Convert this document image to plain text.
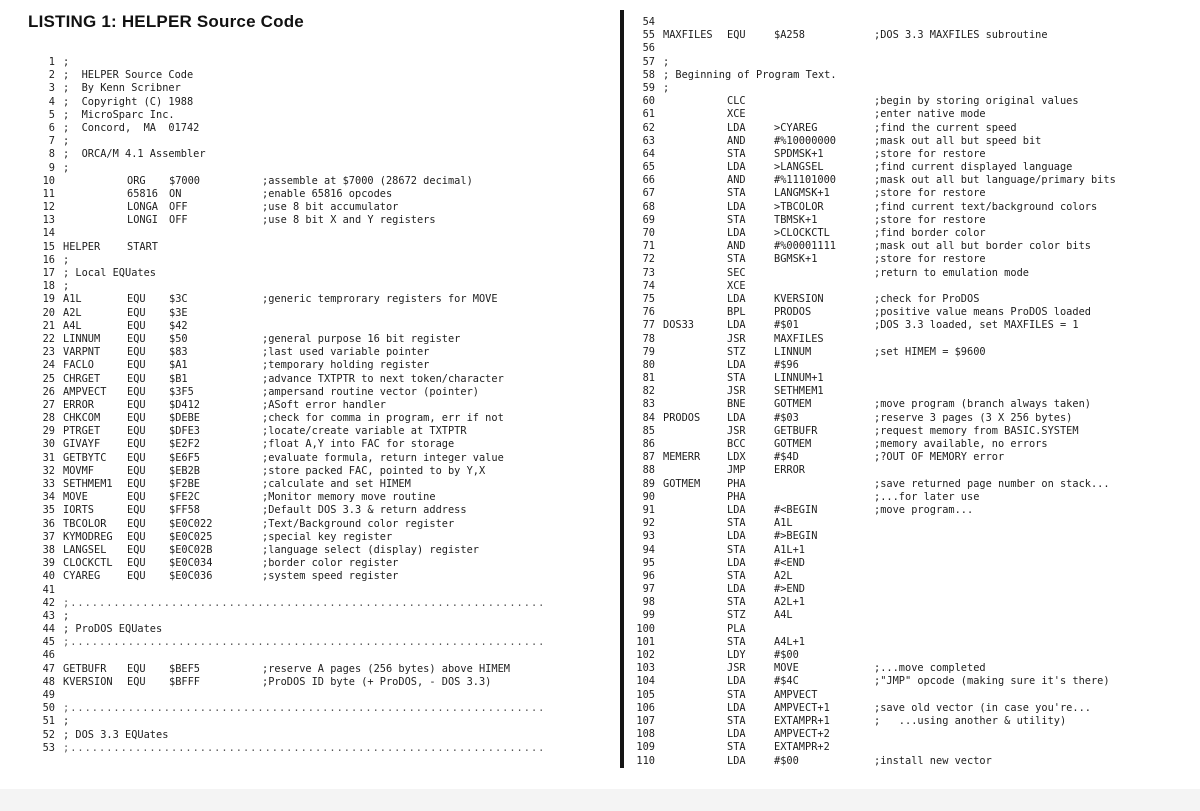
LISTING 1: HELPER Source Code
1 ;
2 ;  HELPER Source Code
3 ;  By Kenn Scribner
4 ;  Copyright (C) 1988
5 ;  MicroSparc Inc.
6 ;  Concord,  MA  01742
7 ;
8 ;  ORCA/M 4.1 Assembler
9 ;
10	ORG $7000	;assemble at $7000 (28672 decimal)
11	65816 ON	;enable 65816 opcodes
12	LONGA OFF	;use 8 bit accumulator
13	LONGI OFF	;use 8 bit X and Y registers
14
15 HELPER	START
16 ;
17 ; Local EQUates
18 ;
19 A1L	EQU $3C	;generic temprorary registers for MOVE
20 A2L	EQU $3E
21 A4L	EQU $42
22 LINNUM	EQU $50	;general purpose 16 bit register
23 VARPNT	EQU $83	;last used variable pointer
24 FACLO	EQU $A1	;temporary holding register
25 CHRGET	EQU $B1	;advance TXTPTR to next token/character
26 AMPVECT EQU $3F5	;ampersand routine vector (pointer)
27 ERROR	EQU $D412	;ASoft error handler
28 CHKCOM	EQU $DEBE	;check for comma in program, err if not
29 PTRGET	EQU $DFE3	;locate/create variable at TXTPTR
30 GIVAYF	EQU $E2F2	;float A,Y into FAC for storage
31 GETBYTC EQU $E6F5	;evaluate formula, return integer value
32 MOVMF	EQU $EB2B	;store packed FAC, pointed to by Y,X
33 SETHMEM1 EQU $F2BE	;calculate and set HIMEM
34 MOVE	EQU $FE2C	;Monitor memory move routine
35 IORTS	EQU $FF58	;Default DOS 3.3 & return address
36 TBCOLOR EQU $E0C022	;Text/Background color register
37 KYMODREG EQU $E0C025	;special key register
38 LANGSEL EQU $E0C02B	;language select (display) register
39 CLOCKCTL EQU $E0C034	;border color register
40 CYAREG	EQU $E0C036	;system speed register
41
42 ;..................................................................
43 ;
44 ; ProDOS EQUates
45 ;..................................................................
46
47 GETBUFR EQU $BEF5	;reserve A pages (256 bytes) above HIMEM
48 KVERSION EQU $BFFF	;ProDOS ID byte (+ ProDOS, - DOS 3.3)
49
50 ;..................................................................
51 ;
52 ; DOS 3.3 EQUates
53 ;..................................................................
54
55 MAXFILES EQU	$A258	;DOS 3.3 MAXFILES subroutine
56
57 ;
58 ; Beginning of Program Text.
59 ;
60	CLC	;begin by storing original values
61	XCE	;enter native mode
62	LDA	>CYAREG	;find the current speed
63	AND	#%10000000	;mask out all but speed bit
64	STA	SPDMSK+1	;store for restore
65	LDA	>LANGSEL	;find current displayed language
66	AND	#%11101000	;mask out all but language/primary bits
67	STA	LANGMSK+1	;store for restore
68	LDA	>TBCOLOR	;find current text/background colors
69	STA	TBMSK+1	;store for restore
70	LDA	>CLOCKCTL	;find border color
71	AND	#%00001111	;mask out all but border color bits
72	STA	BGMSK+1	;store for restore
73	SEC	;return to emulation mode
74	XCE
75	LDA	KVERSION	;check for ProDOS
76	BPL	PRODOS	;positive value means ProDOS loaded
77 DOS33	LDA	#$01	;DOS 3.3 loaded, set MAXFILES = 1
78	JSR	MAXFILES
79	STZ	LINNUM	;set HIMEM = $9600
80	LDA	#$96
81	STA	LINNUM+1
82	JSR	SETHMEM1
83	BNE	GOTMEM	;move program (branch always taken)
84 PRODOS	LDA	#$03	;reserve 3 pages (3 X 256 bytes)
85	JSR	GETBUFR	;request memory from BASIC.SYSTEM
86	BCC	GOTMEM	;memory available, no errors
87 MEMERR	LDX	#$4D	;?OUT OF MEMORY error
88	JMP	ERROR
89 GOTMEM	PHA	;save returned page number on stack...
90	PHA	;...for later use
91	LDA	#<BEGIN	;move program...
92	STA	A1L
93	LDA	#>BEGIN
94	STA	A1L+1
95	LDA	#<END
96	STA	A2L
97	LDA	#>END
98	STA	A2L+1
99	STZ	A4L
100	PLA
101	STA	A4L+1
102	LDY	#$00
103	JSR	MOVE	;...move completed
104	LDA	#$4C	;"JMP" opcode (making sure it's there)
105	STA	AMPVECT
106	LDA	AMPVECT+1	;save old vector (in case you're...
107	STA	EXTAMPR+1	;   ...using another & utility)
108	LDA	AMPVECT+2
109	STA	EXTAMPR+2
110	LDA	#$00	;install new vector
